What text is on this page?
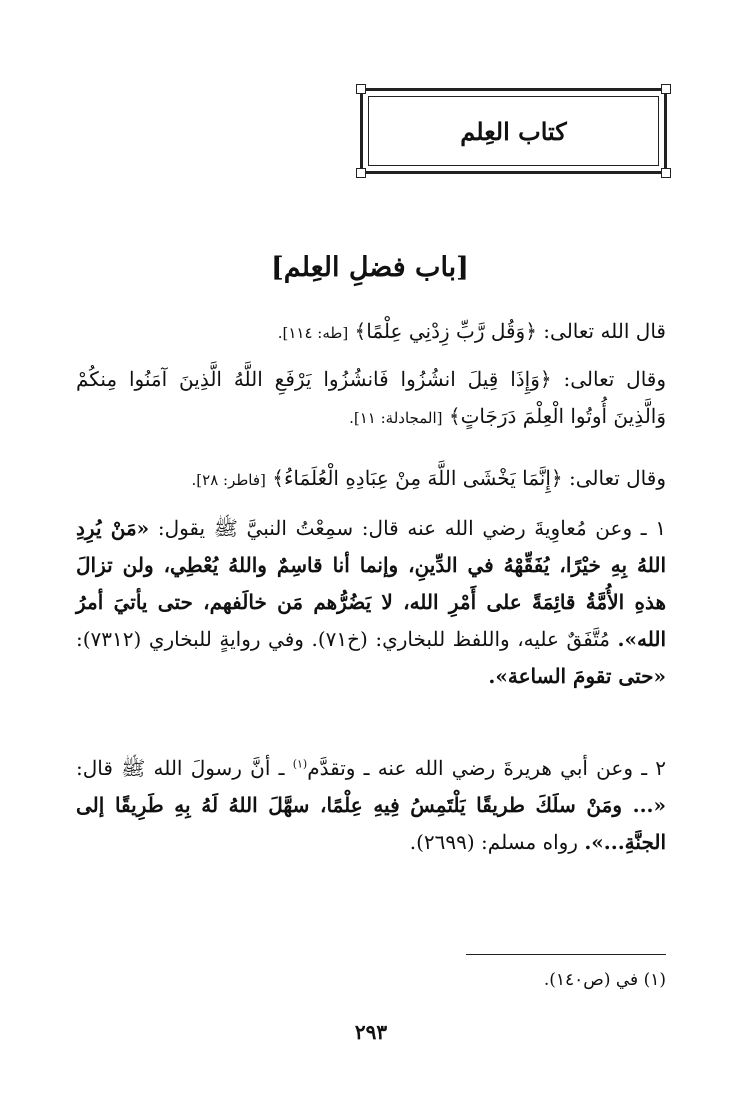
كتاب العِلم
[باب فضلِ العِلم]
قال الله تعالى: ﴿وَقُل رَّبِّ زِدْنِي عِلْمًا﴾ [طه: ١١٤].
وقال تعالى: ﴿وَإِذَا قِيلَ انشُزُوا فَانشُزُوا يَرْفَعِ اللَّهُ الَّذِينَ آمَنُوا مِنكُمْ وَالَّذِينَ أُوتُوا الْعِلْمَ دَرَجَاتٍ﴾ [المجادلة: ١١].
وقال تعالى: ﴿إِنَّمَا يَخْشَى اللَّهَ مِنْ عِبَادِهِ الْعُلَمَاءُ﴾ [فاطر: ٢٨].
١ ـ وعن مُعاوِيةَ رضي الله عنه قال: سمِعْتُ النبيَّ ﷺ يقول: «مَنْ يُرِدِ اللهُ بِهِ خيْرًا، يُفَقِّهْهُ في الدِّينِ، وإنما أنا قاسِمٌ واللهُ يُعْطِي، ولن تزالَ هذهِ الأُمَّةُ قائِمَةً على أَمْرِ الله، لا يَضُرُّهم مَن خالَفهم، حتى يأتيَ أمرُ الله». مُتَّفَقٌ عليه، واللفظ للبخاري: (خ٧١). وفي روايةٍ للبخاري (٧٣١٢): «حتى تقومَ الساعة».
٢ ـ وعن أبي هريرةَ رضي الله عنه ـ وتقدَّم$^{(١)}$ ـ أنَّ رسولَ الله ﷺ قال: «... ومَنْ سلَكَ طريقًا يَلْتَمِسُ فِيهِ عِلْمًا، سهَّلَ اللهُ لَهُ بِهِ طَرِيقًا إلى الجنَّةِ...». رواه مسلم: (٢٦٩٩).
(١) في (ص١٤٠).
٢٩٣
